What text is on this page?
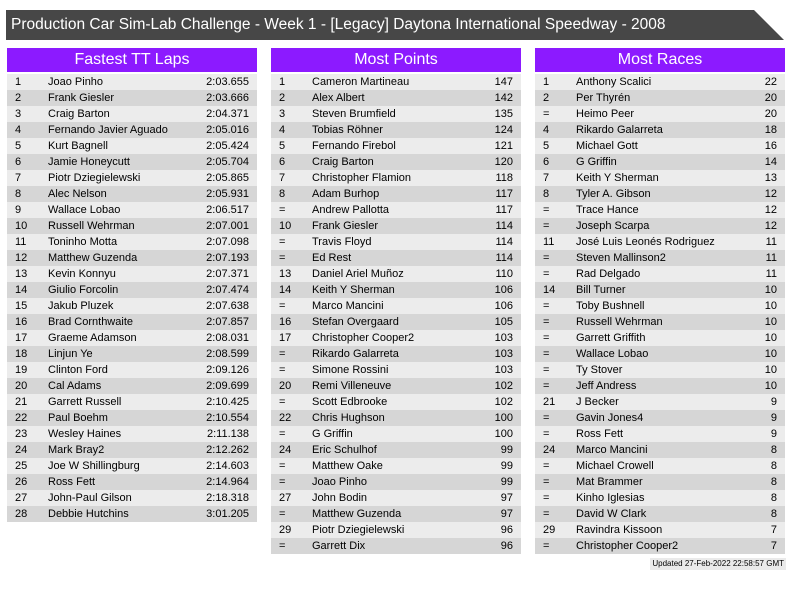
Production Car Sim-Lab Challenge - Week 1 - [Legacy] Daytona International Speedway - 2008
Fastest TT Laps
1 Joao Pinho	2:03.655
2 Frank Giesler	2:03.666
3 Craig Barton	2:04.371
4 Fernando Javier Aguado	2:05.016
5 Kurt Bagnell	2:05.424
6 Jamie Honeycutt	2:05.704
7 Piotr Dziegielewski	2:05.865
8 Alec Nelson	2:05.931
9 Wallace Lobao	2:06.517
10 Russell Wehrman	2:07.001
11 Toninho Motta	2:07.098
12 Matthew Guzenda	2:07.193
13 Kevin Konnyu	2:07.371
14 Giulio Forcolin	2:07.474
15 Jakub Pluzek	2:07.638
16 Brad Cornthwaite	2:07.857
17 Graeme Adamson	2:08.031
18 Linjun Ye	2:08.599
19 Clinton Ford	2:09.126
20 Cal Adams	2:09.699
21 Garrett Russell	2:10.425
22 Paul Boehm	2:10.554
23 Wesley Haines	2:11.138
24 Mark Bray2	2:12.262
25 Joe W Shillingburg	2:14.603
26 Ross Fett	2:14.964
27 John-Paul Gilson	2:18.318
28 Debbie Hutchins	3:01.205
Most Points
1 Cameron Martineau	147
2 Alex Albert	142
3 Steven Brumfield	135
4 Tobias Röhner	124
5 Fernando Firebol	121
6 Craig Barton	120
7 Christopher Flamion	118
8 Adam Burhop	117
= Andrew Pallotta	117
10 Frank Giesler	114
= Travis Floyd	114
= Ed Rest	114
13 Daniel Ariel Muñoz	110
14 Keith Y Sherman	106
= Marco Mancini	106
16 Stefan Overgaard	105
17 Christopher Cooper2	103
= Rikardo Galarreta	103
= Simone Rossini	103
20 Remi Villeneuve	102
= Scott Edbrooke	102
22 Chris Hughson	100
= G Griffin	100
24 Eric Schulhof	99
= Matthew Oake	99
= Joao Pinho	99
27 John Bodin	97
= Matthew Guzenda	97
29 Piotr Dziegielewski	96
= Garrett Dix	96
Most Races
1 Anthony Scalici	22
2 Per Thyrén	20
= Heimo Peer	20
4 Rikardo Galarreta	18
5 Michael Gott	16
6 G Griffin	14
7 Keith Y Sherman	13
8 Tyler A. Gibson	12
= Trace Hance	12
= Joseph Scarpa	12
11 José Luis Leonés Rodriguez	11
= Steven Mallinson2	11
= Rad Delgado	11
14 Bill Turner	10
= Toby Bushnell	10
= Russell Wehrman	10
= Garrett Griffith	10
= Wallace Lobao	10
= Ty Stover	10
= Jeff Andress	10
21 J Becker	9
= Gavin Jones4	9
= Ross Fett	9
24 Marco Mancini	8
= Michael Crowell	8
= Mat Brammer	8
= Kinho Iglesias	8
= David W Clark	8
29 Ravindra Kissoon	7
= Christopher Cooper2	7
Updated 27-Feb-2022 22:58:57 GMT
